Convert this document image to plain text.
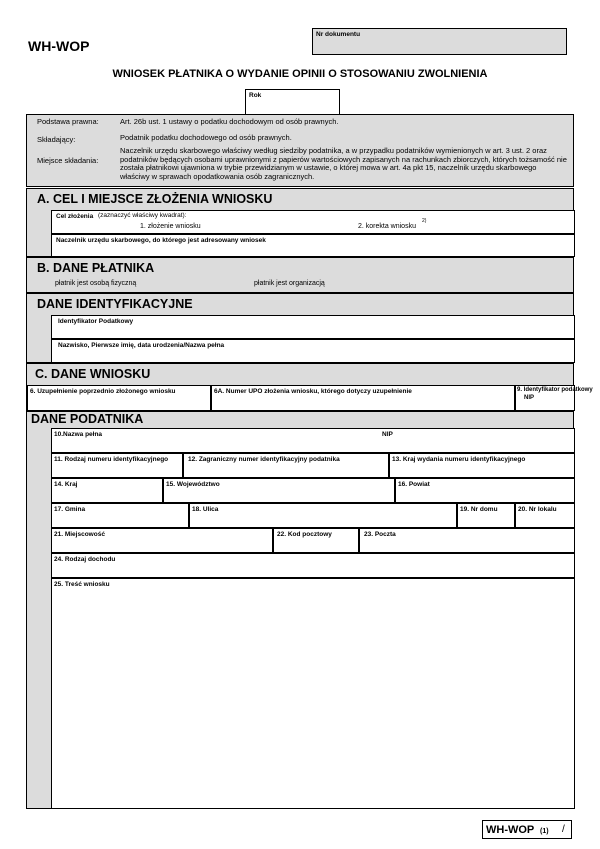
WH-WOP
Nr dokumentu
WNIOSEK PŁATNIKA O WYDANIE OPINII O STOSOWANIU ZWOLNIENIA
Rok
Podstawa prawna:	Art. 26b ust. 1 ustawy o podatku dochodowym od osób prawnych.
Składający:	Podatnik podatku dochodowego od osób prawnych.
Miejsce składania:
Naczelnik urzędu skarbowego właściwy według siedziby podatnika, a w przypadku podatników wymienionych w art. 3 ust. 2 oraz podatników będących osobami uprawnionymi z papierów wartościowych zapisanych na rachunkach zbiorczych, których tożsamość nie została płatnikowi ujawniona w trybie przewidzianym w ustawie, o której mowa w art. 4a pkt 15, naczelnik urzędu skarbowego właściwy w sprawach opodatkowania osób zagranicznych.
A. CEL I MIEJSCE ZŁOŻENIA WNIOSKU
Cel złożenia (zaznaczyć właściwy kwadrat):
1. złożenie wniosku	2. korekta wniosku
2)
Naczelnik urzędu skarbowego, do którego jest adresowany wniosek
B. DANE PŁATNIKA
płatnik jest osobą fizyczną	płatnik jest organizacją
DANE IDENTYFIKACYJNE
Identyfikator Podatkowy
Nazwisko, Pierwsze imię, data urodzenia/Nazwa pełna
C. DANE WNIOSKU
6. Uzupełnienie poprzednio złożonego wniosku	6A. Numer UPO złożenia wniosku, którego dotyczy uzupełnienie	9. Identyfikator podatkowy
NIP
DANE PODATNIKA
10.Nazwa pełna	NIP
11. Rodzaj numeru identyfikacyjnego	12. Zagraniczny numer identyfikacyjny podatnika	13. Kraj wydania numeru identyfikacyjnego
14. Kraj	15. Województwo	16. Powiat
17. Gmina	18. Ulica	19. Nr domu	20. Nr lokalu
21. Miejscowość	22. Kod pocztowy	23. Poczta
24. Rodzaj dochodu
25. Treść wniosku
WH-WOP (1) /
